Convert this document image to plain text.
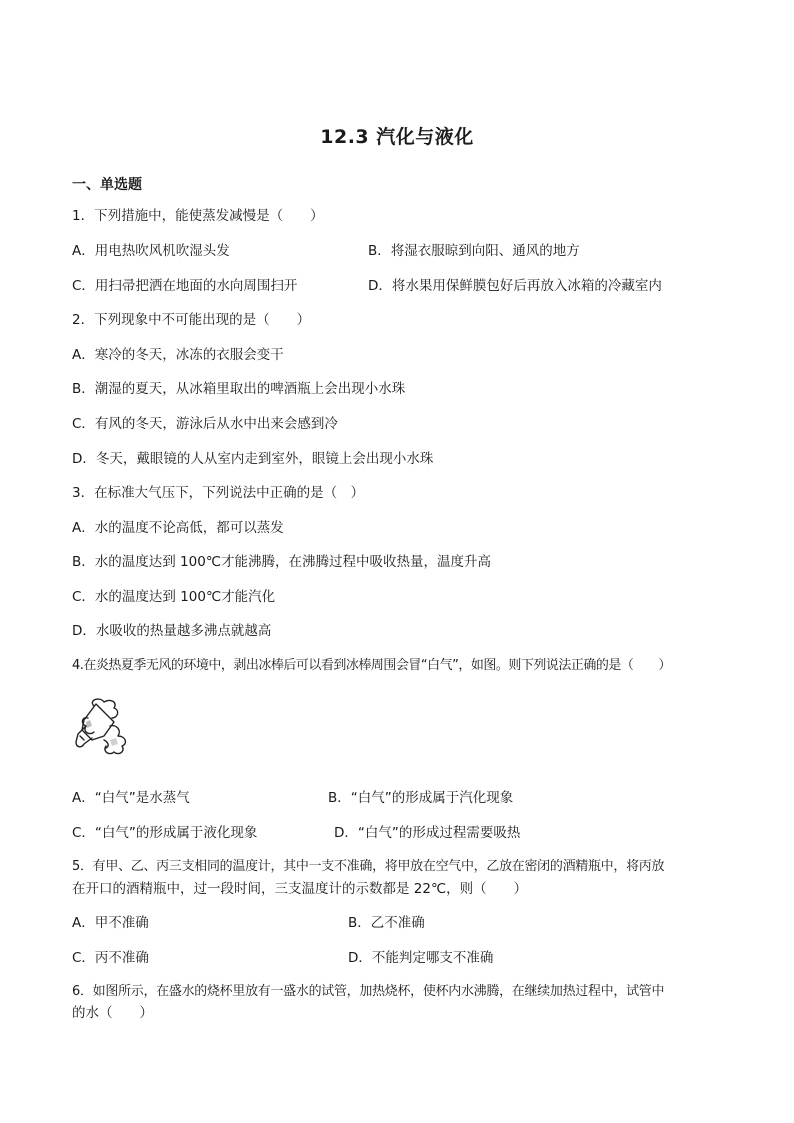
12.3 汽化与液化
一、单选题
1．下列措施中，能使蒸发减慢是（　　）
A．用电热吹风机吹湿头发	B．将湿衣服晾到向阳、通风的地方
C．用扫帚把洒在地面的水向周围扫开	D．将水果用保鲜膜包好后再放入冰箱的冷藏室内
2．下列现象中不可能出现的是（　　）
A．寒冷的冬天，冰冻的衣服会变干
B．潮湿的夏天，从冰箱里取出的啤酒瓶上会出现小水珠
C．有风的冬天，游泳后从水中出来会感到冷
D．冬天，戴眼镜的人从室内走到室外，眼镜上会出现小水珠
3．在标准大气压下，下列说法中正确的是（　）
A．水的温度不论高低，都可以蒸发
B．水的温度达到 100℃才能沸腾，在沸腾过程中吸收热量，温度升高
C．水的温度达到 100℃才能汽化
D．水吸收的热量越多沸点就越高
4.在炎热夏季无风的环境中，剥出冰棒后可以看到冰棒周围会冒“白气”，如图。则下列说法正确的是（　　）
A．“白气”是水蒸气	B．“白气”的形成属于汽化现象
C．“白气”的形成属于液化现象	D．“白气”的形成过程需要吸热
5．有甲、乙、丙三支相同的温度计，其中一支不准确，将甲放在空气中，乙放在密闭的酒精瓶中，将丙放
在开口的酒精瓶中，过一段时间，三支温度计的示数都是 22℃，则（　　）
A．甲不准确	B．乙不准确
C．丙不准确	D．不能判定哪支不准确
6．如图所示，在盛水的烧杯里放有一盛水的试管，加热烧杯，使杯内水沸腾，在继续加热过程中，试管中
的水（　　）
